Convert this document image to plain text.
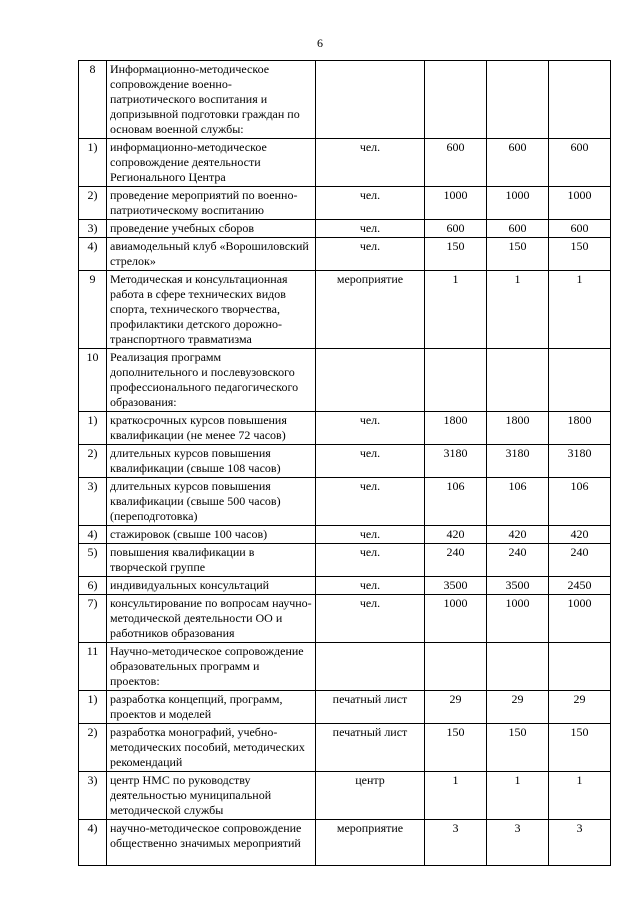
6
8	Информационно-методическое сопровождение военно-патриотического воспитания и допризывной подготовки граждан по основам военной службы:				
1)	информационно-методическое сопровождение деятельности Регионального Центра	чел.	600	600	600
2)	проведение мероприятий по военно-патриотическому воспитанию	чел.	1000	1000	1000
3)	проведение учебных сборов	чел.	600	600	600
4)	авиамодельный клуб «Ворошиловский стрелок»	чел.	150	150	150
9	Методическая и консультационная работа в сфере технических видов спорта, технического творчества, профилактики детского дорожно-транспортного травматизма	мероприятие	1	1	1
10	Реализация программ дополнительного и послевузовского профессионального педагогического образования:				
1)	краткосрочных курсов повышения квалификации (не менее 72 часов)	чел.	1800	1800	1800
2)	длительных курсов повышения квалификации (свыше 108 часов)	чел.	3180	3180	3180
3)	длительных курсов повышения квалификации (свыше 500 часов) (переподготовка)	чел.	106	106	106
4)	стажировок (свыше 100 часов)	чел.	420	420	420
5)	повышения квалификации в творческой группе	чел.	240	240	240
6)	индивидуальных консультаций	чел.	3500	3500	2450
7)	консультирование по вопросам научно-методической деятельности ОО и работников образования	чел.	1000	1000	1000
11	Научно-методическое сопровождение образовательных программ и проектов:				
1)	разработка концепций, программ, проектов и моделей	печатный лист	29	29	29
2)	разработка монографий, учебно-методических пособий, методических рекомендаций	печатный лист	150	150	150
3)	центр НМС по руководству деятельностью муниципальной методической службы	центр	1	1	1
4)	научно-методическое сопровождение общественно значимых мероприятий	мероприятие	3	3	3
